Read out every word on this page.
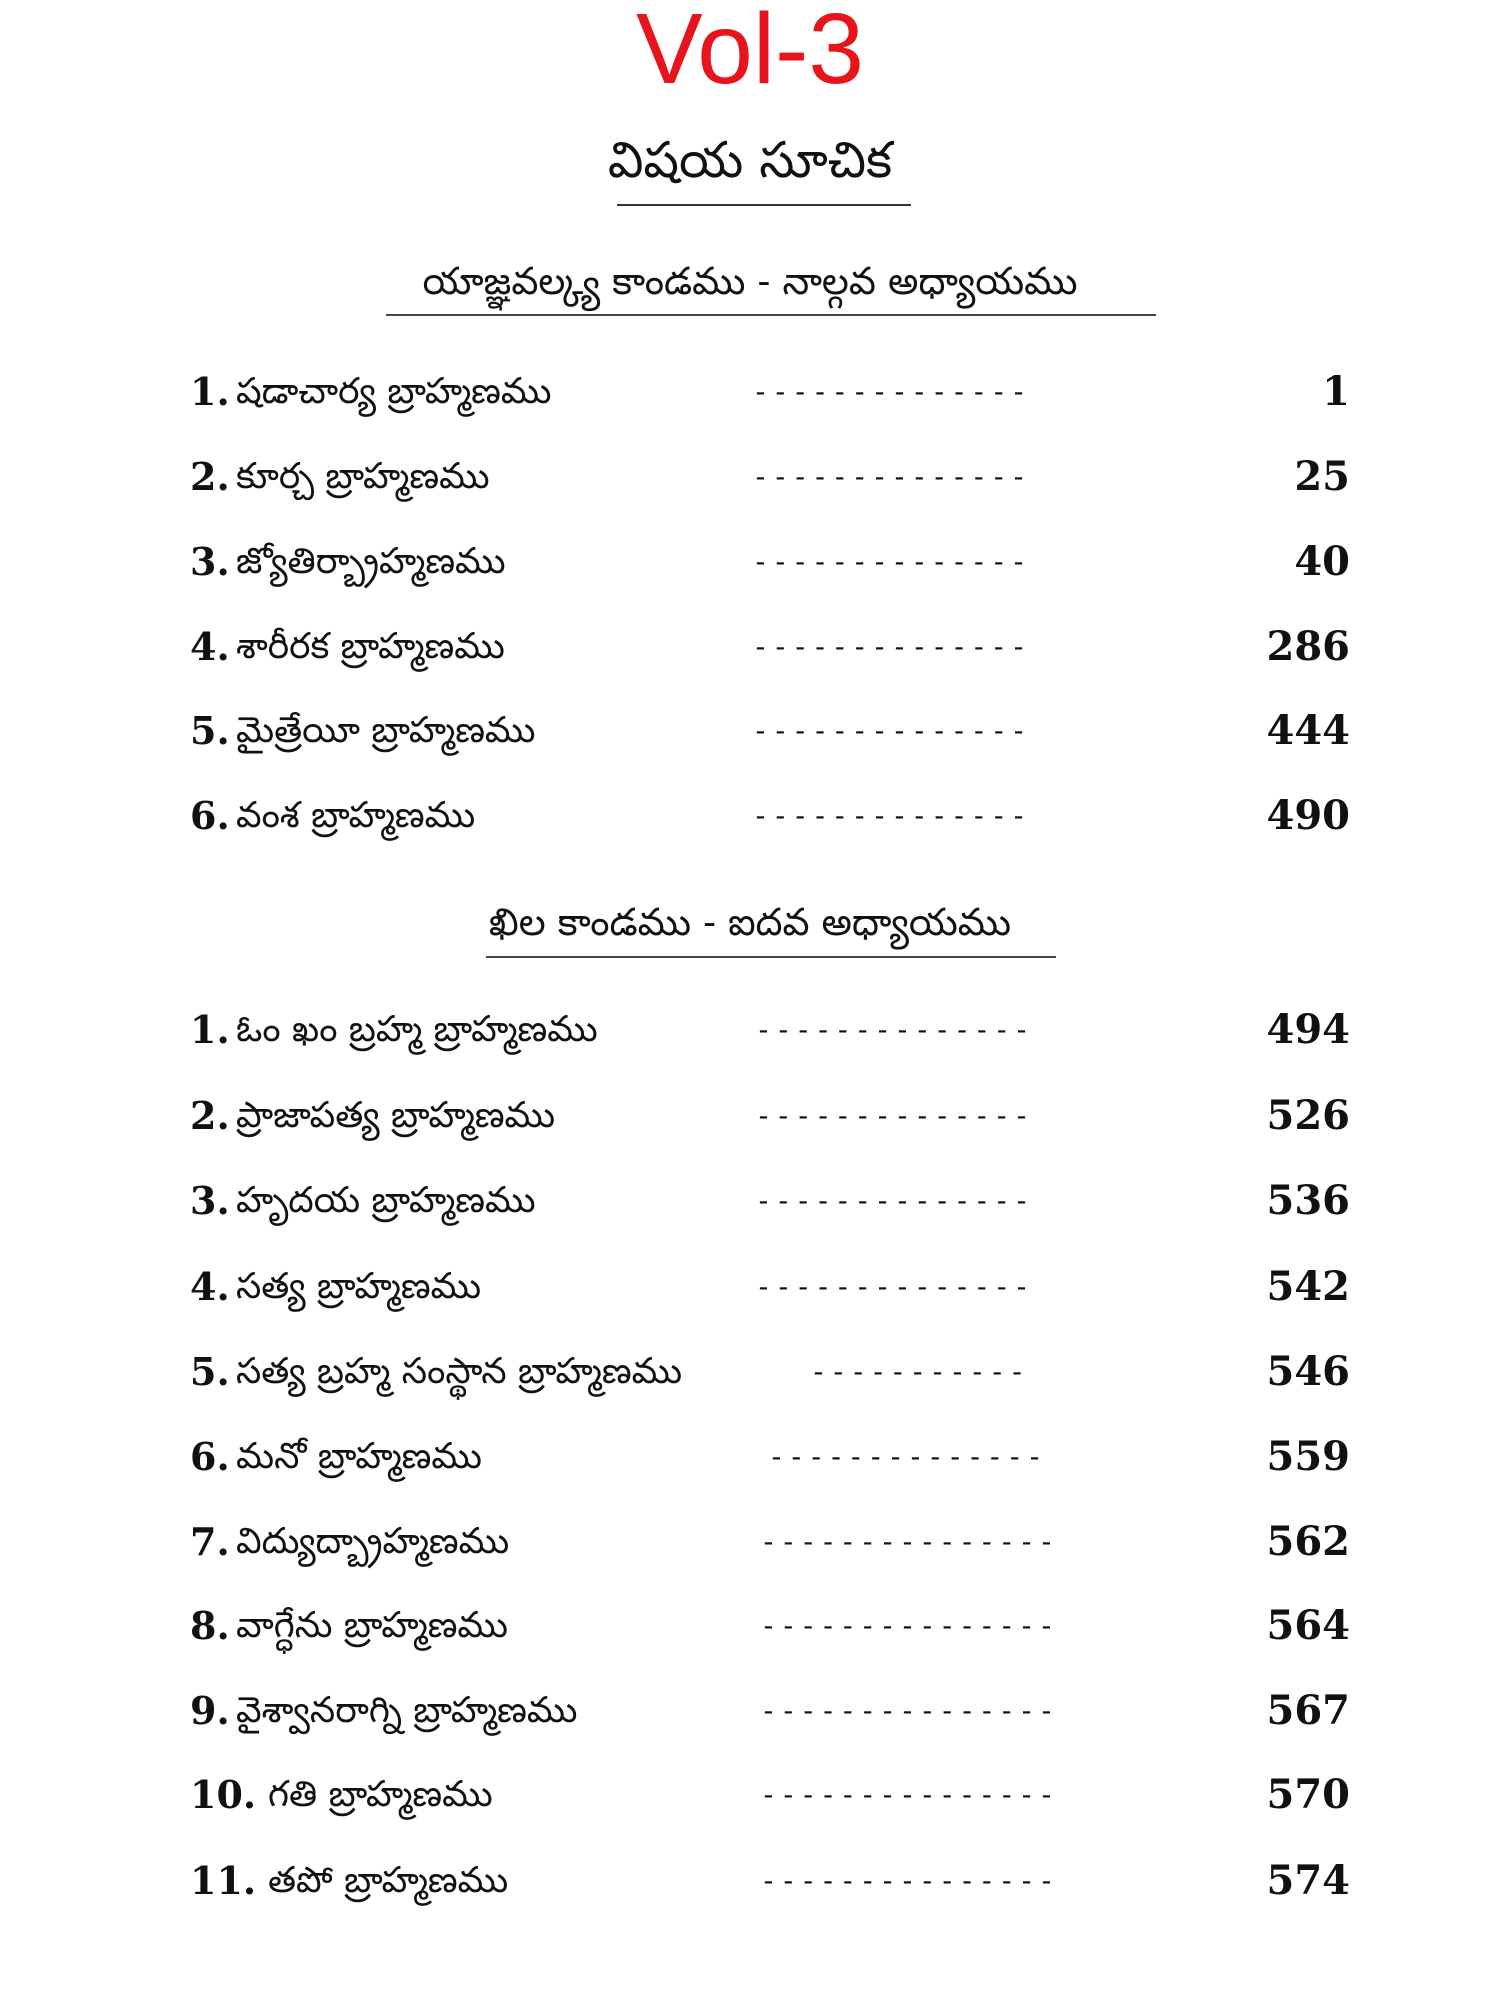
Vol-3
విషయ సూచిక
యాజ్ఞవల్క్య కాండము - నాల్గవ అధ్యాయము
1. షడాచార్య బ్రాహ్మణము	--------------	1
2. కూర్చ బ్రాహ్మణము	--------------	25
3. జ్యోతిర్బ్రాహ్మణము	--------------	40
4. శారీరక బ్రాహ్మణము	--------------	286
5. మైత్రేయీ బ్రాహ్మణము	--------------	444
6. వంశ బ్రాహ్మణము	--------------	490
ఖిల కాండము - ఐదవ అధ్యాయము
1. ఓం ఖం బ్రహ్మ బ్రాహ్మణము	--------------	494
2. ప్రాజాపత్య బ్రాహ్మణము	--------------	526
3. హృదయ బ్రాహ్మణము	--------------	536
4. సత్య బ్రాహ్మణము	--------------	542
5. సత్య బ్రహ్మ సంస్థాన బ్రాహ్మణము	-----------	546
6. మనో బ్రాహ్మణము	--------------	559
7. విద్యుద్బ్రాహ్మణము	---------------	562
8. వాగ్ధేను బ్రాహ్మణము	---------------	564
9. వైశ్వానరాగ్ని బ్రాహ్మణము	---------------	567
10. గతి బ్రాహ్మణము	---------------	570
11. తపో బ్రాహ్మణము	---------------	574
